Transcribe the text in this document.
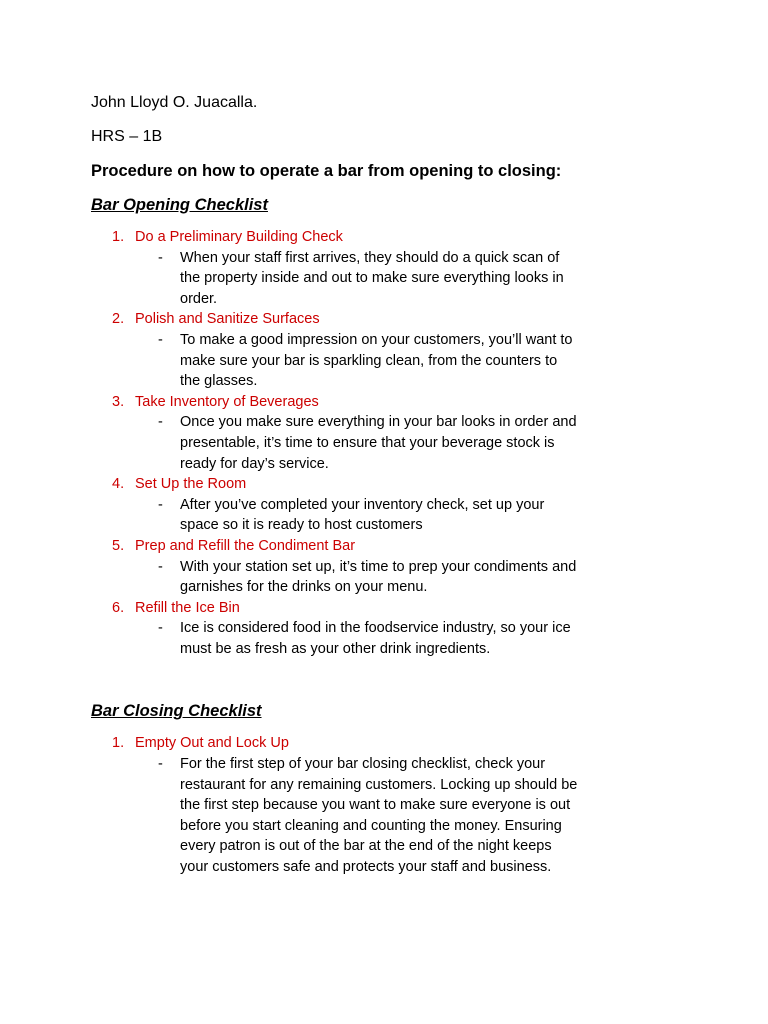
John Lloyd O. Juacalla.

HRS – 1B

Procedure on how to operate a bar from opening to closing:

Bar Opening Checklist

1. Do a Preliminary Building Check
- When your staff first arrives, they should do a quick scan of the property inside and out to make sure everything looks in order.
2. Polish and Sanitize Surfaces
- To make a good impression on your customers, you’ll want to make sure your bar is sparkling clean, from the counters to the glasses.
3. Take Inventory of Beverages
- Once you make sure everything in your bar looks in order and presentable, it’s time to ensure that your beverage stock is ready for day’s service.
4. Set Up the Room
- After you’ve completed your inventory check, set up your space so it is ready to host customers
5. Prep and Refill the Condiment Bar
- With your station set up, it’s time to prep your condiments and garnishes for the drinks on your menu.
6. Refill the Ice Bin
- Ice is considered food in the foodservice industry, so your ice must be as fresh as your other drink ingredients.

Bar Closing Checklist

1. Empty Out and Lock Up
- For the first step of your bar closing checklist, check your restaurant for any remaining customers. Locking up should be the first step because you want to make sure everyone is out before you start cleaning and counting the money. Ensuring every patron is out of the bar at the end of the night keeps your customers safe and protects your staff and business.
